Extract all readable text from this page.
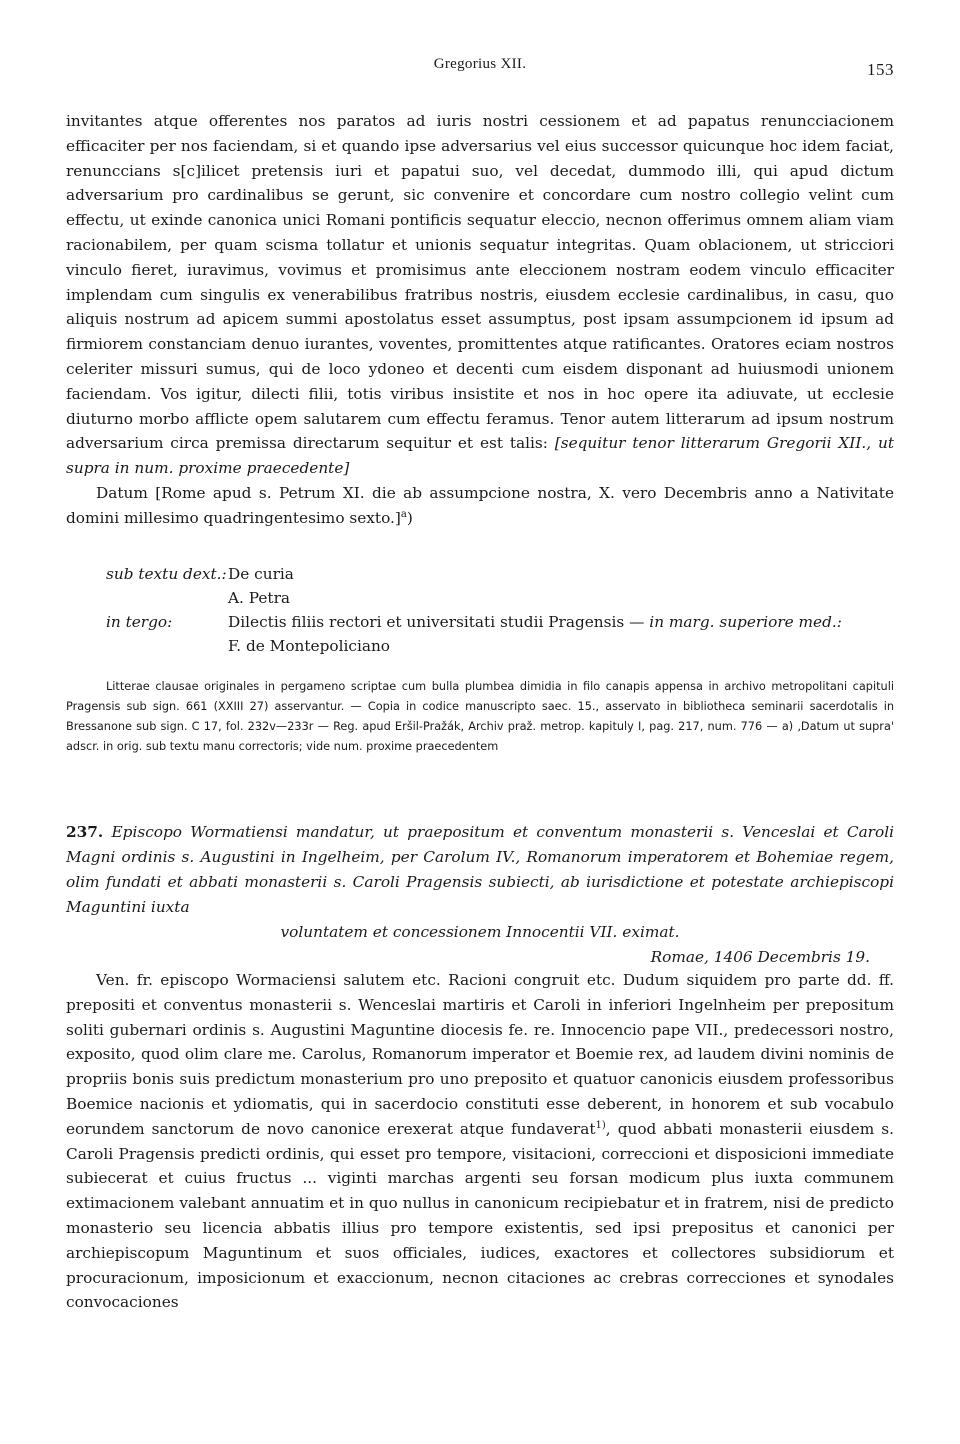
Gregorius XII.	153

invitantes atque offerentes nos paratos ad iuris nostri cessionem et ad papatus renuncciacionem efficaciter per nos faciendam, si et quando ipse adversarius vel eius successor quicunque hoc idem faciat, renunccians s[c]ilicet pretensis iuri et papatui suo, vel decedat, dummodo illi, qui apud dictum adversarium pro cardinalibus se gerunt, sic convenire et concordare cum nostro collegio velint cum effectu, ut exinde canonica unici Romani pontificis sequatur eleccio, necnon offerimus omnem aliam viam racionabilem, per quam scisma tollatur et unionis sequatur integritas. Quam oblacionem, ut stricciori vinculo fieret, iuravimus, vovimus et promisimus ante eleccionem nostram eodem vinculo efficaciter implendam cum singulis ex venerabilibus fratribus nostris, eiusdem ecclesie cardinalibus, in casu, quo aliquis nostrum ad apicem summi apostolatus esset assumptus, post ipsam assumpcionem id ipsum ad firmiorem constanciam denuo iurantes, voventes, promittentes atque ratificantes. Oratores eciam nostros celeriter missuri sumus, qui de loco ydoneo et decenti cum eisdem disponant ad huiusmodi unionem faciendam. Vos igitur, dilecti filii, totis viribus insistite et nos in hoc opere ita adiuvate, ut ecclesie diuturno morbo afflicte opem salutarem cum effectu feramus. Tenor autem litterarum ad ipsum nostrum adversarium circa premissa directarum sequitur et est talis: [sequitur tenor litterarum Gregorii XII., ut supra in num. proxime praecedente]

Datum [Rome apud s. Petrum XI. die ab assumpcione nostra, X. vero Decembris anno a Nativitate domini millesimo quadringentesimo sexto.]$^a$)

sub textu dext.: De curia
A. Petra
in tergo:	Dilectis filiis rectori et universitati studii Pragensis — in marg. superiore med.:
F. de Montepoliciano
Litterae clausae originales in pergameno scriptae cum bulla plumbea dimidia in filo canapis appensa in archivo metropolitani capituli Pragensis sub sign. 661 (XXIII 27) asservantur. — Copia in codice manuscripto saec. 15., asservato in bibliotheca seminarii sacerdotalis in Bressanone sub sign. C 17, fol. 232v—233r — Reg. apud Eršil-Pražák, Archiv praž. metrop. kapituly I, pag. 217, num. 776 — a) ‚Datum ut supra' adscr. in orig. sub textu manu correctoris; vide num. proxime praecedentem
237. Episcopo Wormatiensi mandatur, ut praepositum et conventum monasterii s. Venceslai et Caroli Magni ordinis s. Augustini in Ingelheim, per Carolum IV., Romanorum imperatorem et Bohemiae regem, olim fundati et abbati monasterii s. Caroli Pragensis subiecti, ab iurisdictione et potestate archiepiscopi Maguntini iuxta
voluntatem et concessionem Innocentii VII. eximat.
Romae, 1406 Decembris 19.

Ven. fr. episcopo Wormaciensi salutem etc. Racioni congruit etc. Dudum siquidem pro parte dd. ff. prepositi et conventus monasterii s. Wenceslai martiris et Caroli in inferiori Ingelnheim per prepositum soliti gubernari ordinis s. Augustini Maguntine diocesis fe. re. Innocencio pape VII., predecessori nostro, exposito, quod olim clare me. Carolus, Romanorum imperator et Boemie rex, ad laudem divini nominis de propriis bonis suis predictum monasterium pro uno preposito et quatuor canonicis eiusdem professoribus Boemice nacionis et ydiomatis, qui in sacerdocio constituti esse deberent, in honorem et sub vocabulo eorundem sanctorum de novo canonice erexerat atque fundaverat$^{1)}$, quod abbati monasterii eiusdem s. Caroli Pragensis predicti ordinis, qui esset pro tempore, visitacioni, correccioni et disposicioni immediate subiecerat et cuius fructus ... viginti marchas argenti seu forsan modicum plus iuxta communem extimacionem valebant annuatim et in quo nullus in canonicum recipiebatur et in fratrem, nisi de predicto monasterio seu licencia abbatis illius pro tempore existentis, sed ipsi prepositus et canonici per archiepiscopum Maguntinum et suos officiales, iudices, exactores et collectores subsidiorum et procuracionum, imposicionum et exaccionum, necnon citaciones ac crebras correcciones et synodales convocaciones
